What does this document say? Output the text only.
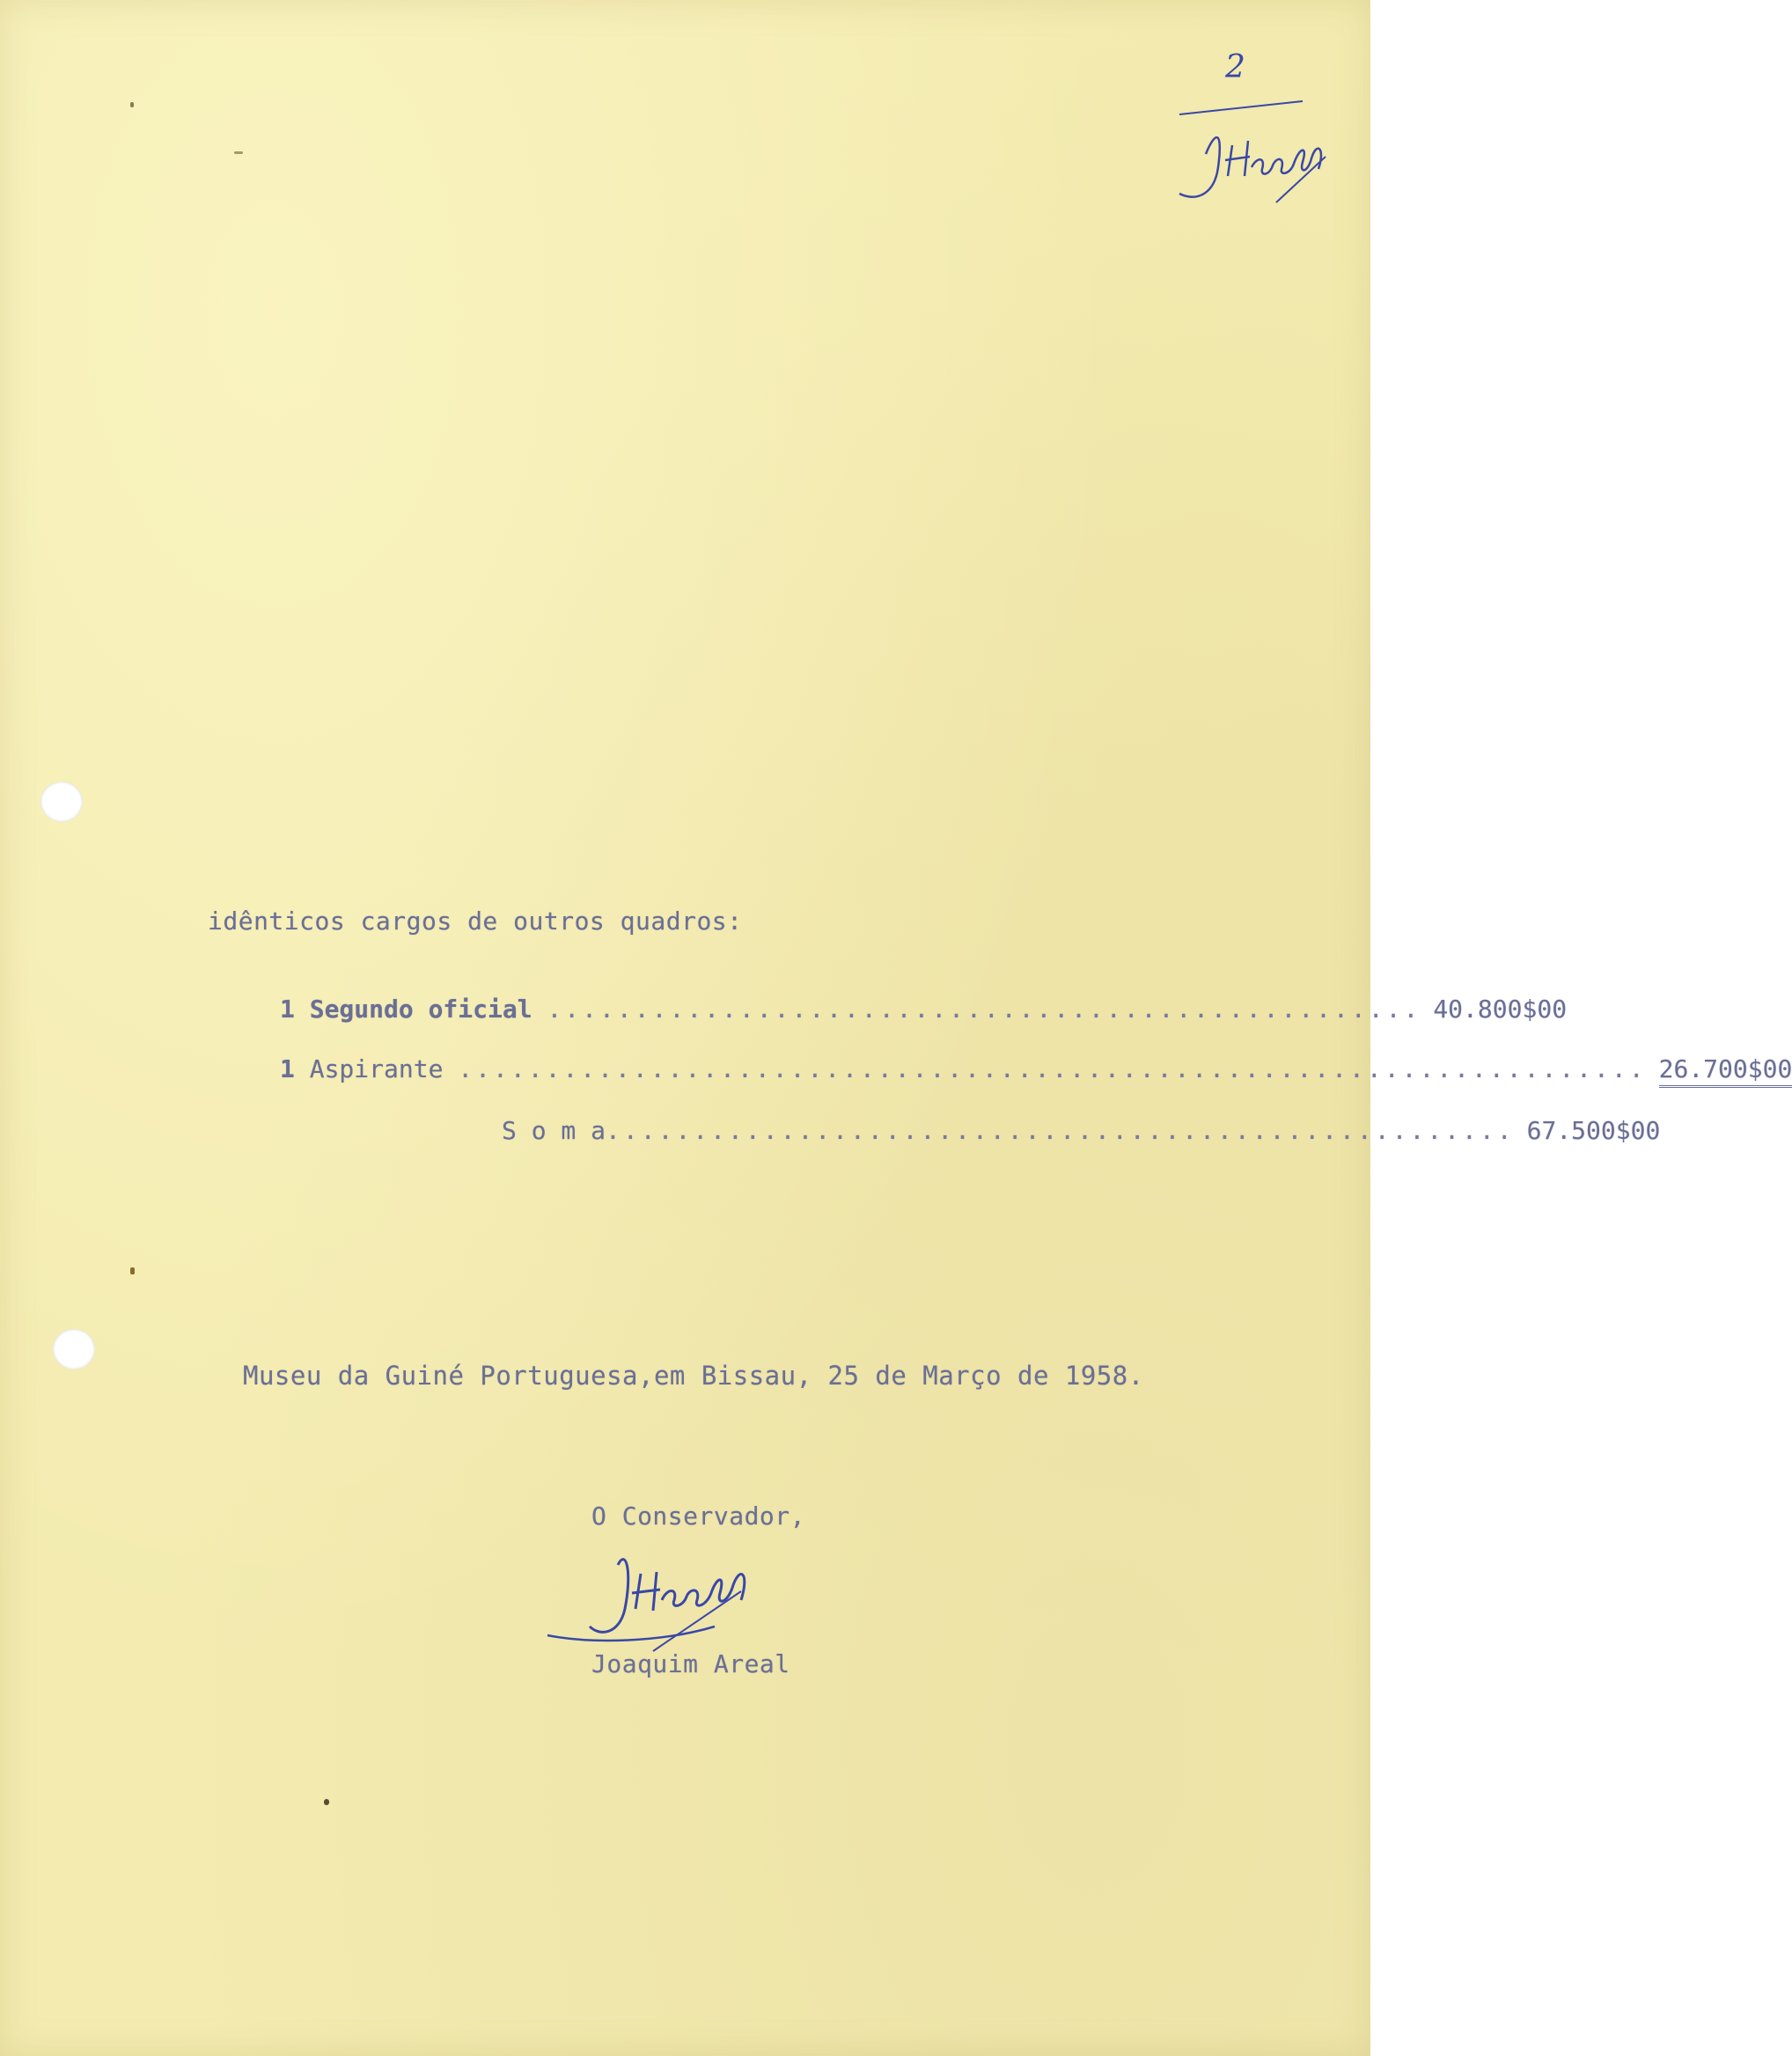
2
idênticos cargos de outros quadros:
1
Segundo oficial
.................................................. 40.800$00
1
Aspirante
.................................................................... 26.700$00
S o m a .................................................... 67.500$00
Museu da Guiné Portuguesa,em Bissau, 25 de Março de 1958.
O Conservador,
Joaquim Areal
